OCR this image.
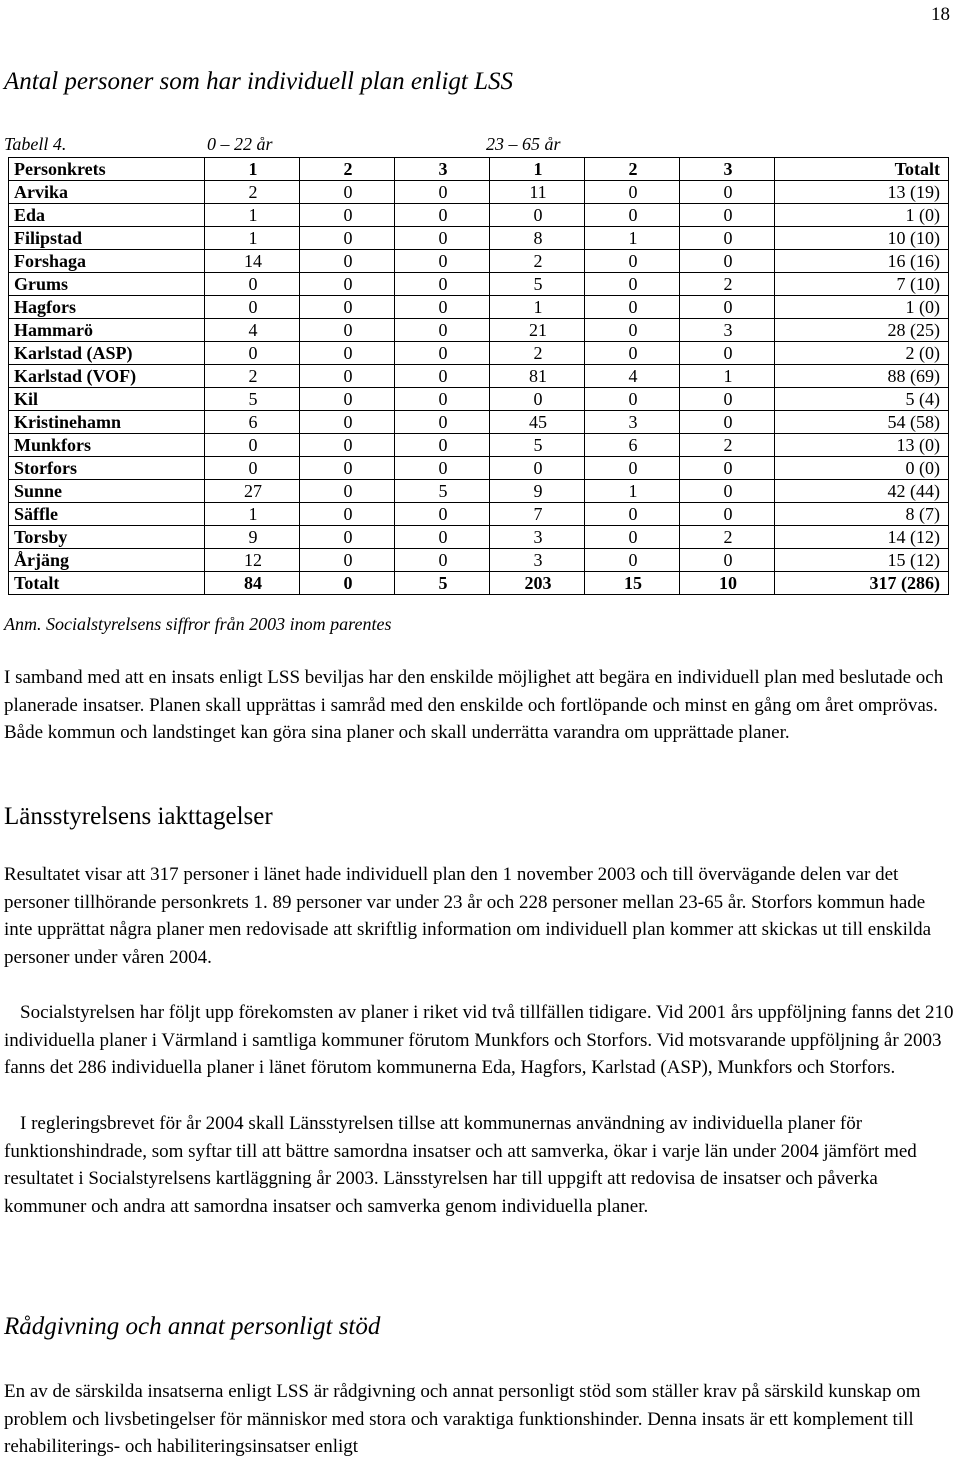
18
Antal personer som har individuell plan enligt LSS
Tabell 4.	0 – 22 år	23 – 65 år
Personkrets	1	2	3	1	2	3	Totalt
Arvika	2	0	0	11	0	0	13 (19)
Eda	1	0	0	0	0	0	1 (0)
Filipstad	1	0	0	8	1	0	10 (10)
Forshaga	14	0	0	2	0	0	16 (16)
Grums	0	0	0	5	0	2	7 (10)
Hagfors	0	0	0	1	0	0	1 (0)
Hammarö	4	0	0	21	0	3	28 (25)
Karlstad (ASP)	0	0	0	2	0	0	2 (0)
Karlstad (VOF)	2	0	0	81	4	1	88 (69)
Kil	5	0	0	0	0	0	5 (4)
Kristinehamn	6	0	0	45	3	0	54 (58)
Munkfors	0	0	0	5	6	2	13 (0)
Storfors	0	0	0	0	0	0	0 (0)
Sunne	27	0	5	9	1	0	42 (44)
Säffle	1	0	0	7	0	0	8 (7)
Torsby	9	0	0	3	0	2	14 (12)
Årjäng	12	0	0	3	0	0	15 (12)
Totalt	84	0	5	203	15	10	317 (286)
Anm. Socialstyrelsens siffror från 2003 inom parentes

I samband med att en insats enligt LSS beviljas har den enskilde möjlighet att begära en individuell plan med beslutade och planerade insatser. Planen skall upprättas i samråd med den enskilde och fortlöpande och minst en gång om året omprövas. Både kommun och landstinget kan göra sina planer och skall underrätta varandra om upprättade planer.

Länsstyrelsens iakttagelser

Resultatet visar att 317 personer i länet hade individuell plan den 1 november 2003 och till övervägande delen var det personer tillhörande personkrets 1. 89 personer var under 23 år och 228 personer mellan 23-65 år. Storfors kommun hade inte upprättat några planer men redovisade att skriftlig information om individuell plan kommer att skickas ut till enskilda personer under våren 2004.

Socialstyrelsen har följt upp förekomsten av planer i riket vid två tillfällen tidigare. Vid 2001 års uppföljning fanns det 210 individuella planer i Värmland i samtliga kommuner förutom Munkfors och Storfors. Vid motsvarande uppföljning år 2003 fanns det 286 individuella planer i länet förutom kommunerna Eda, Hagfors, Karlstad (ASP), Munkfors och Storfors.

I regleringsbrevet för år 2004 skall Länsstyrelsen tillse att kommunernas användning av individuella planer för funktionshindrade, som syftar till att bättre samordna insatser och att samverka, ökar i varje län under 2004 jämfört med resultatet i Socialstyrelsens kartläggning år 2003. Länsstyrelsen har till uppgift att redovisa de insatser och påverka kommuner och andra att samordna insatser och samverka genom individuella planer.

Rådgivning och annat personligt stöd

En av de särskilda insatserna enligt LSS är rådgivning och annat personligt stöd som ställer krav på särskild kunskap om problem och livsbetingelser för människor med stora och varaktiga funktionshinder. Denna insats är ett komplement till rehabiliterings- och habiliteringsinsatser enligt
